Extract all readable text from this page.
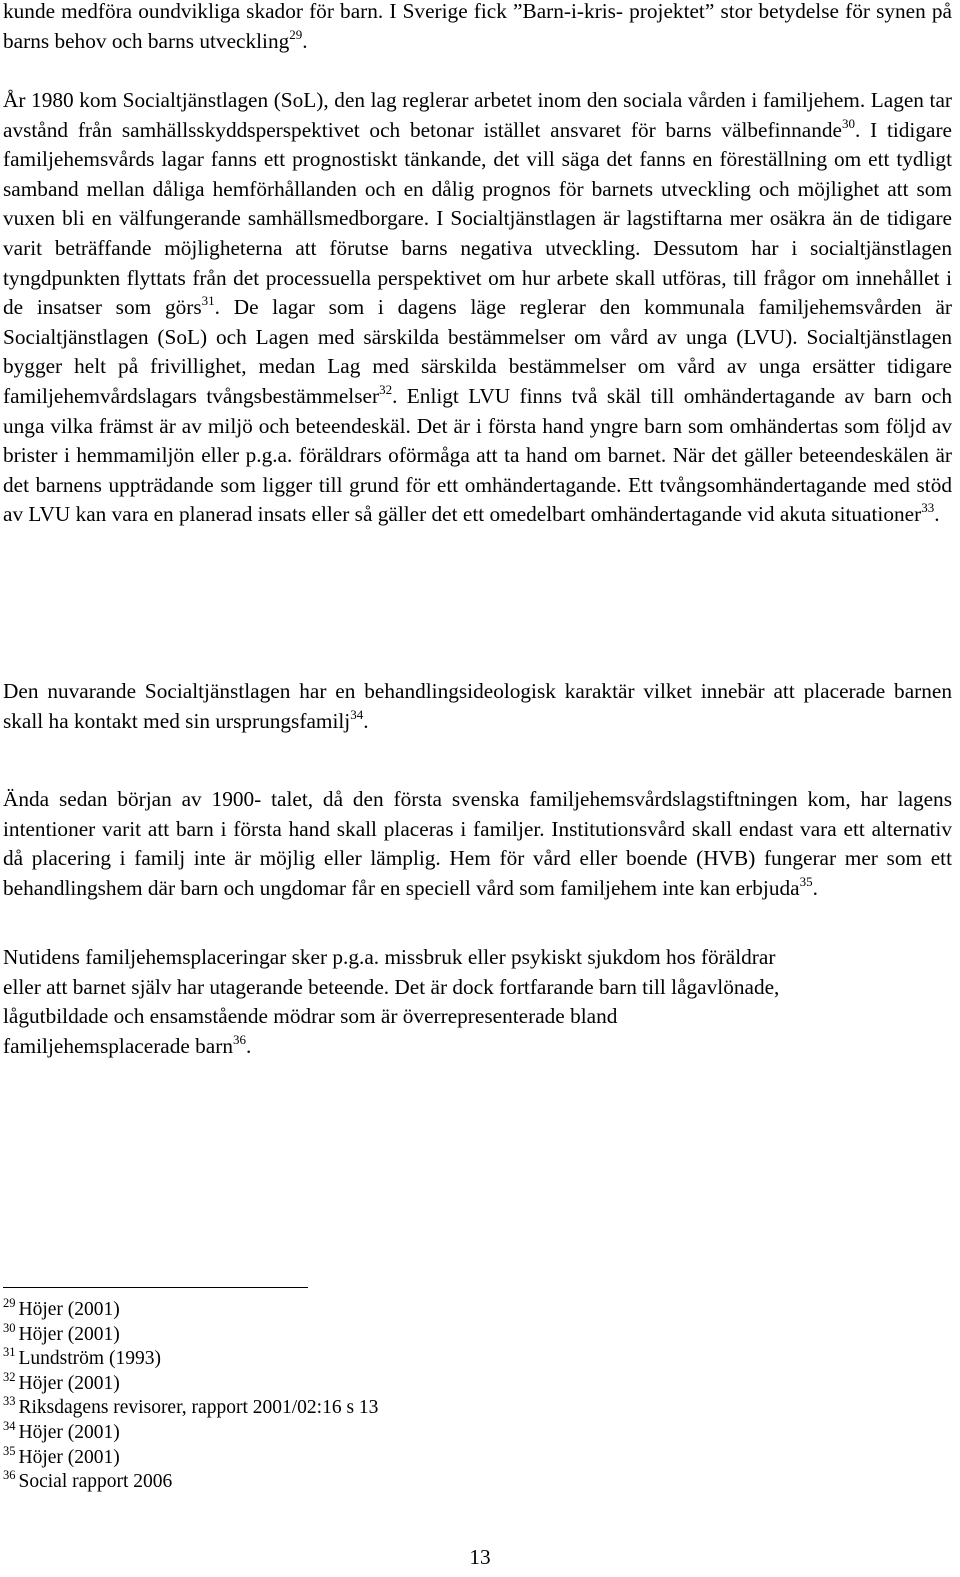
kunde medföra oundvikliga skador för barn. I Sverige fick ”Barn-i-kris- projektet” stor betydelse för synen på barns behov och barns utveckling$^{29}$.

År 1980 kom Socialtjänstlagen (SoL), den lag reglerar arbetet inom den sociala vården i familjehem. Lagen tar avstånd från samhällsskyddsperspektivet och betonar istället ansvaret för barns välbefinnande$^{30}$. I tidigare familjehemsvårds lagar fanns ett prognostiskt tänkande, det vill säga det fanns en föreställning om ett tydligt samband mellan dåliga hemförhållanden och en dålig prognos för barnets utveckling och möjlighet att som vuxen bli en välfungerande samhällsmedborgare. I Socialtjänstlagen är lagstiftarna mer osäkra än de tidigare varit beträffande möjligheterna att förutse barns negativa utveckling. Dessutom har i socialtjänstlagen tyngdpunkten flyttats från det processuella perspektivet om hur arbete skall utföras, till frågor om innehållet i de insatser som görs$^{31}$. De lagar som i dagens läge reglerar den kommunala familjehemsvården är Socialtjänstlagen (SoL) och Lagen med särskilda bestämmelser om vård av unga (LVU). Socialtjänstlagen bygger helt på frivillighet, medan Lag med särskilda bestämmelser om vård av unga ersätter tidigare familjehemvårdslagars tvångsbestämmelser$^{32}$. Enligt LVU finns två skäl till omhändertagande av barn och unga vilka främst är av miljö och beteendeskäl. Det är i första hand yngre barn som omhändertas som följd av brister i hemmamiljön eller p.g.a. föräldrars oförmåga att ta hand om barnet. När det gäller beteendeskälen är det barnens uppträdande som ligger till grund för ett omhändertagande. Ett tvångsomhändertagande med stöd av LVU kan vara en planerad insats eller så gäller det ett omedelbart omhändertagande vid akuta situationer$^{33}$.

Den nuvarande Socialtjänstlagen har en behandlingsideologisk karaktär vilket innebär att placerade barnen skall ha kontakt med sin ursprungsfamilj$^{34}$.

Ända sedan början av 1900- talet, då den första svenska familjehemsvårdslagstiftningen kom, har lagens intentioner varit att barn i första hand skall placeras i familjer. Institutionsvård skall endast vara ett alternativ då placering i familj inte är möjlig eller lämplig. Hem för vård eller boende (HVB) fungerar mer som ett behandlingshem där barn och ungdomar får en speciell vård som familjehem inte kan erbjuda$^{35}$.

Nutidens familjehemsplaceringar sker p.g.a. missbruk eller psykiskt sjukdom hos föräldrar
eller att barnet själv har utagerande beteende. Det är dock fortfarande barn till lågavlönade,
lågutbildade och ensamstående mödrar som är överrepresenterade bland
familjehemsplacerade barn$^{36}$.

$^{29}$ Höjer (2001)
$^{30}$ Höjer (2001)
$^{31}$ Lundström (1993)
$^{32}$ Höjer (2001)
$^{33}$ Riksdagens revisorer, rapport 2001/02:16 s 13
$^{34}$ Höjer (2001)
$^{35}$ Höjer (2001)
$^{36}$ Social rapport 2006
13
